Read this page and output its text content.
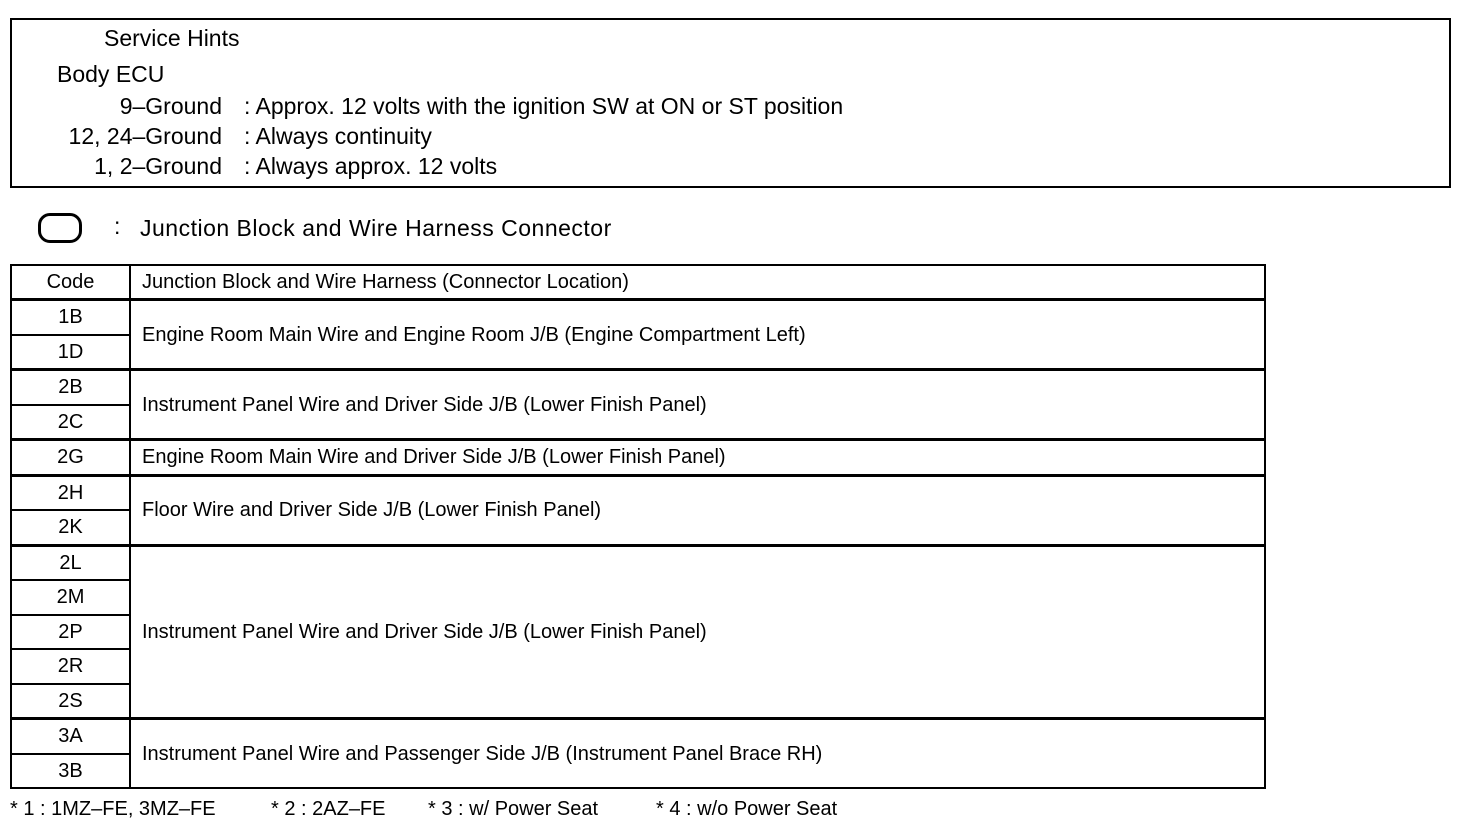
Service Hints
Body ECU
9–Ground : Approx. 12 volts with the ignition SW at ON or ST position
12, 24–Ground : Always continuity
1, 2–Ground : Always approx. 12 volts
: Junction Block and Wire Harness Connector
Code	Junction Block and Wire Harness (Connector Location)
1B	Engine Room Main Wire and Engine Room J/B (Engine Compartment Left)
1D	
2B	Instrument Panel Wire and Driver Side J/B (Lower Finish Panel)
2C	
2G	Engine Room Main Wire and Driver Side J/B (Lower Finish Panel)
2H	Floor Wire and Driver Side J/B (Lower Finish Panel)
2K	
2L	Instrument Panel Wire and Driver Side J/B (Lower Finish Panel)
2M	
2P	
2R	
2S	
3A	Instrument Panel Wire and Passenger Side J/B (Instrument Panel Brace RH)
3B	
* 1 : 1MZ–FE, 3MZ–FE	* 2 : 2AZ–FE * 3 : w/ Power Seat	* 4 : w/o Power Seat
